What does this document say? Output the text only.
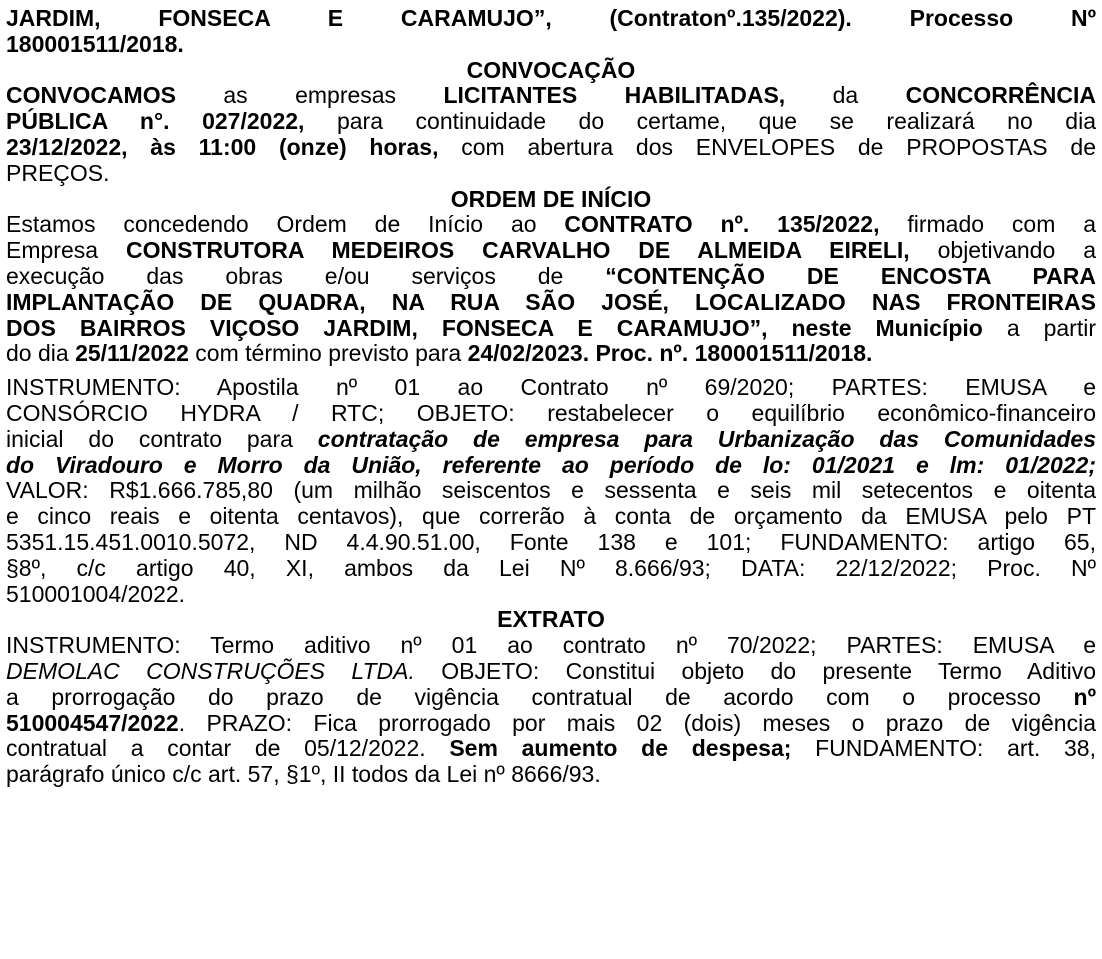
JARDIM, FONSECA E CARAMUJO”, (Contratonº.135/2022). Processo Nº
180001511/2018.
CONVOCAÇÃO
CONVOCAMOS as empresas LICITANTES HABILITADAS, da CONCORRÊNCIA
PÚBLICA n°. 027/2022, para continuidade do certame, que se realizará no dia
23/12/2022, às 11:00 (onze) horas, com abertura dos ENVELOPES de PROPOSTAS de
PREÇOS.
ORDEM DE INÍCIO
Estamos concedendo Ordem de Início ao CONTRATO nº. 135/2022, firmado com a
Empresa CONSTRUTORA MEDEIROS CARVALHO DE ALMEIDA EIRELI, objetivando a
execução das obras e/ou serviços de “CONTENÇÃO DE ENCOSTA PARA
IMPLANTAÇÃO DE QUADRA, NA RUA SÃO JOSÉ, LOCALIZADO NAS FRONTEIRAS
DOS BAIRROS VIÇOSO JARDIM, FONSECA E CARAMUJO”, neste Município a partir
do dia 25/11/2022 com término previsto para 24/02/2023. Proc. nº. 180001511/2018.
INSTRUMENTO: Apostila nº 01 ao Contrato nº 69/2020; PARTES: EMUSA e
CONSÓRCIO HYDRA / RTC; OBJETO: restabelecer o equilíbrio econômico-financeiro
inicial do contrato para contratação de empresa para Urbanização das Comunidades
do Viradouro e Morro da União, referente ao período de lo: 01/2021 e lm: 01/2022;
VALOR: R$1.666.785,80 (um milhão seiscentos e sessenta e seis mil setecentos e oitenta
e cinco reais e oitenta centavos), que correrão à conta de orçamento da EMUSA pelo PT
5351.15.451.0010.5072, ND 4.4.90.51.00, Fonte 138 e 101; FUNDAMENTO: artigo 65,
§8º, c/c artigo 40, XI, ambos da Lei Nº 8.666/93; DATA: 22/12/2022; Proc. Nº
510001004/2022.
EXTRATO
INSTRUMENTO: Termo aditivo nº 01 ao contrato nº 70/2022; PARTES: EMUSA e
DEMOLAC CONSTRUÇÕES LTDA. OBJETO: Constitui objeto do presente Termo Aditivo
a prorrogação do prazo de vigência contratual de acordo com o processo nº
510004547/2022. PRAZO: Fica prorrogado por mais 02 (dois) meses o prazo de vigência
contratual a contar de 05/12/2022. Sem aumento de despesa; FUNDAMENTO: art. 38,
parágrafo único c/c art. 57, §1º, II todos da Lei nº 8666/93.
